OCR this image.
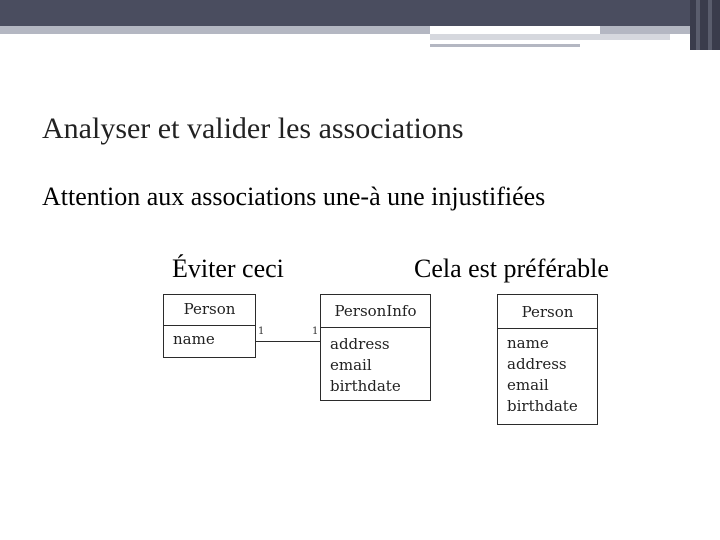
Analyser et valider les associations
Attention aux associations une-à une injustifiées
Éviter ceci	Cela est préférable
Person
name	1	1
PersonInfo
address
email
birthdate
Person
name
address
email
birthdate
